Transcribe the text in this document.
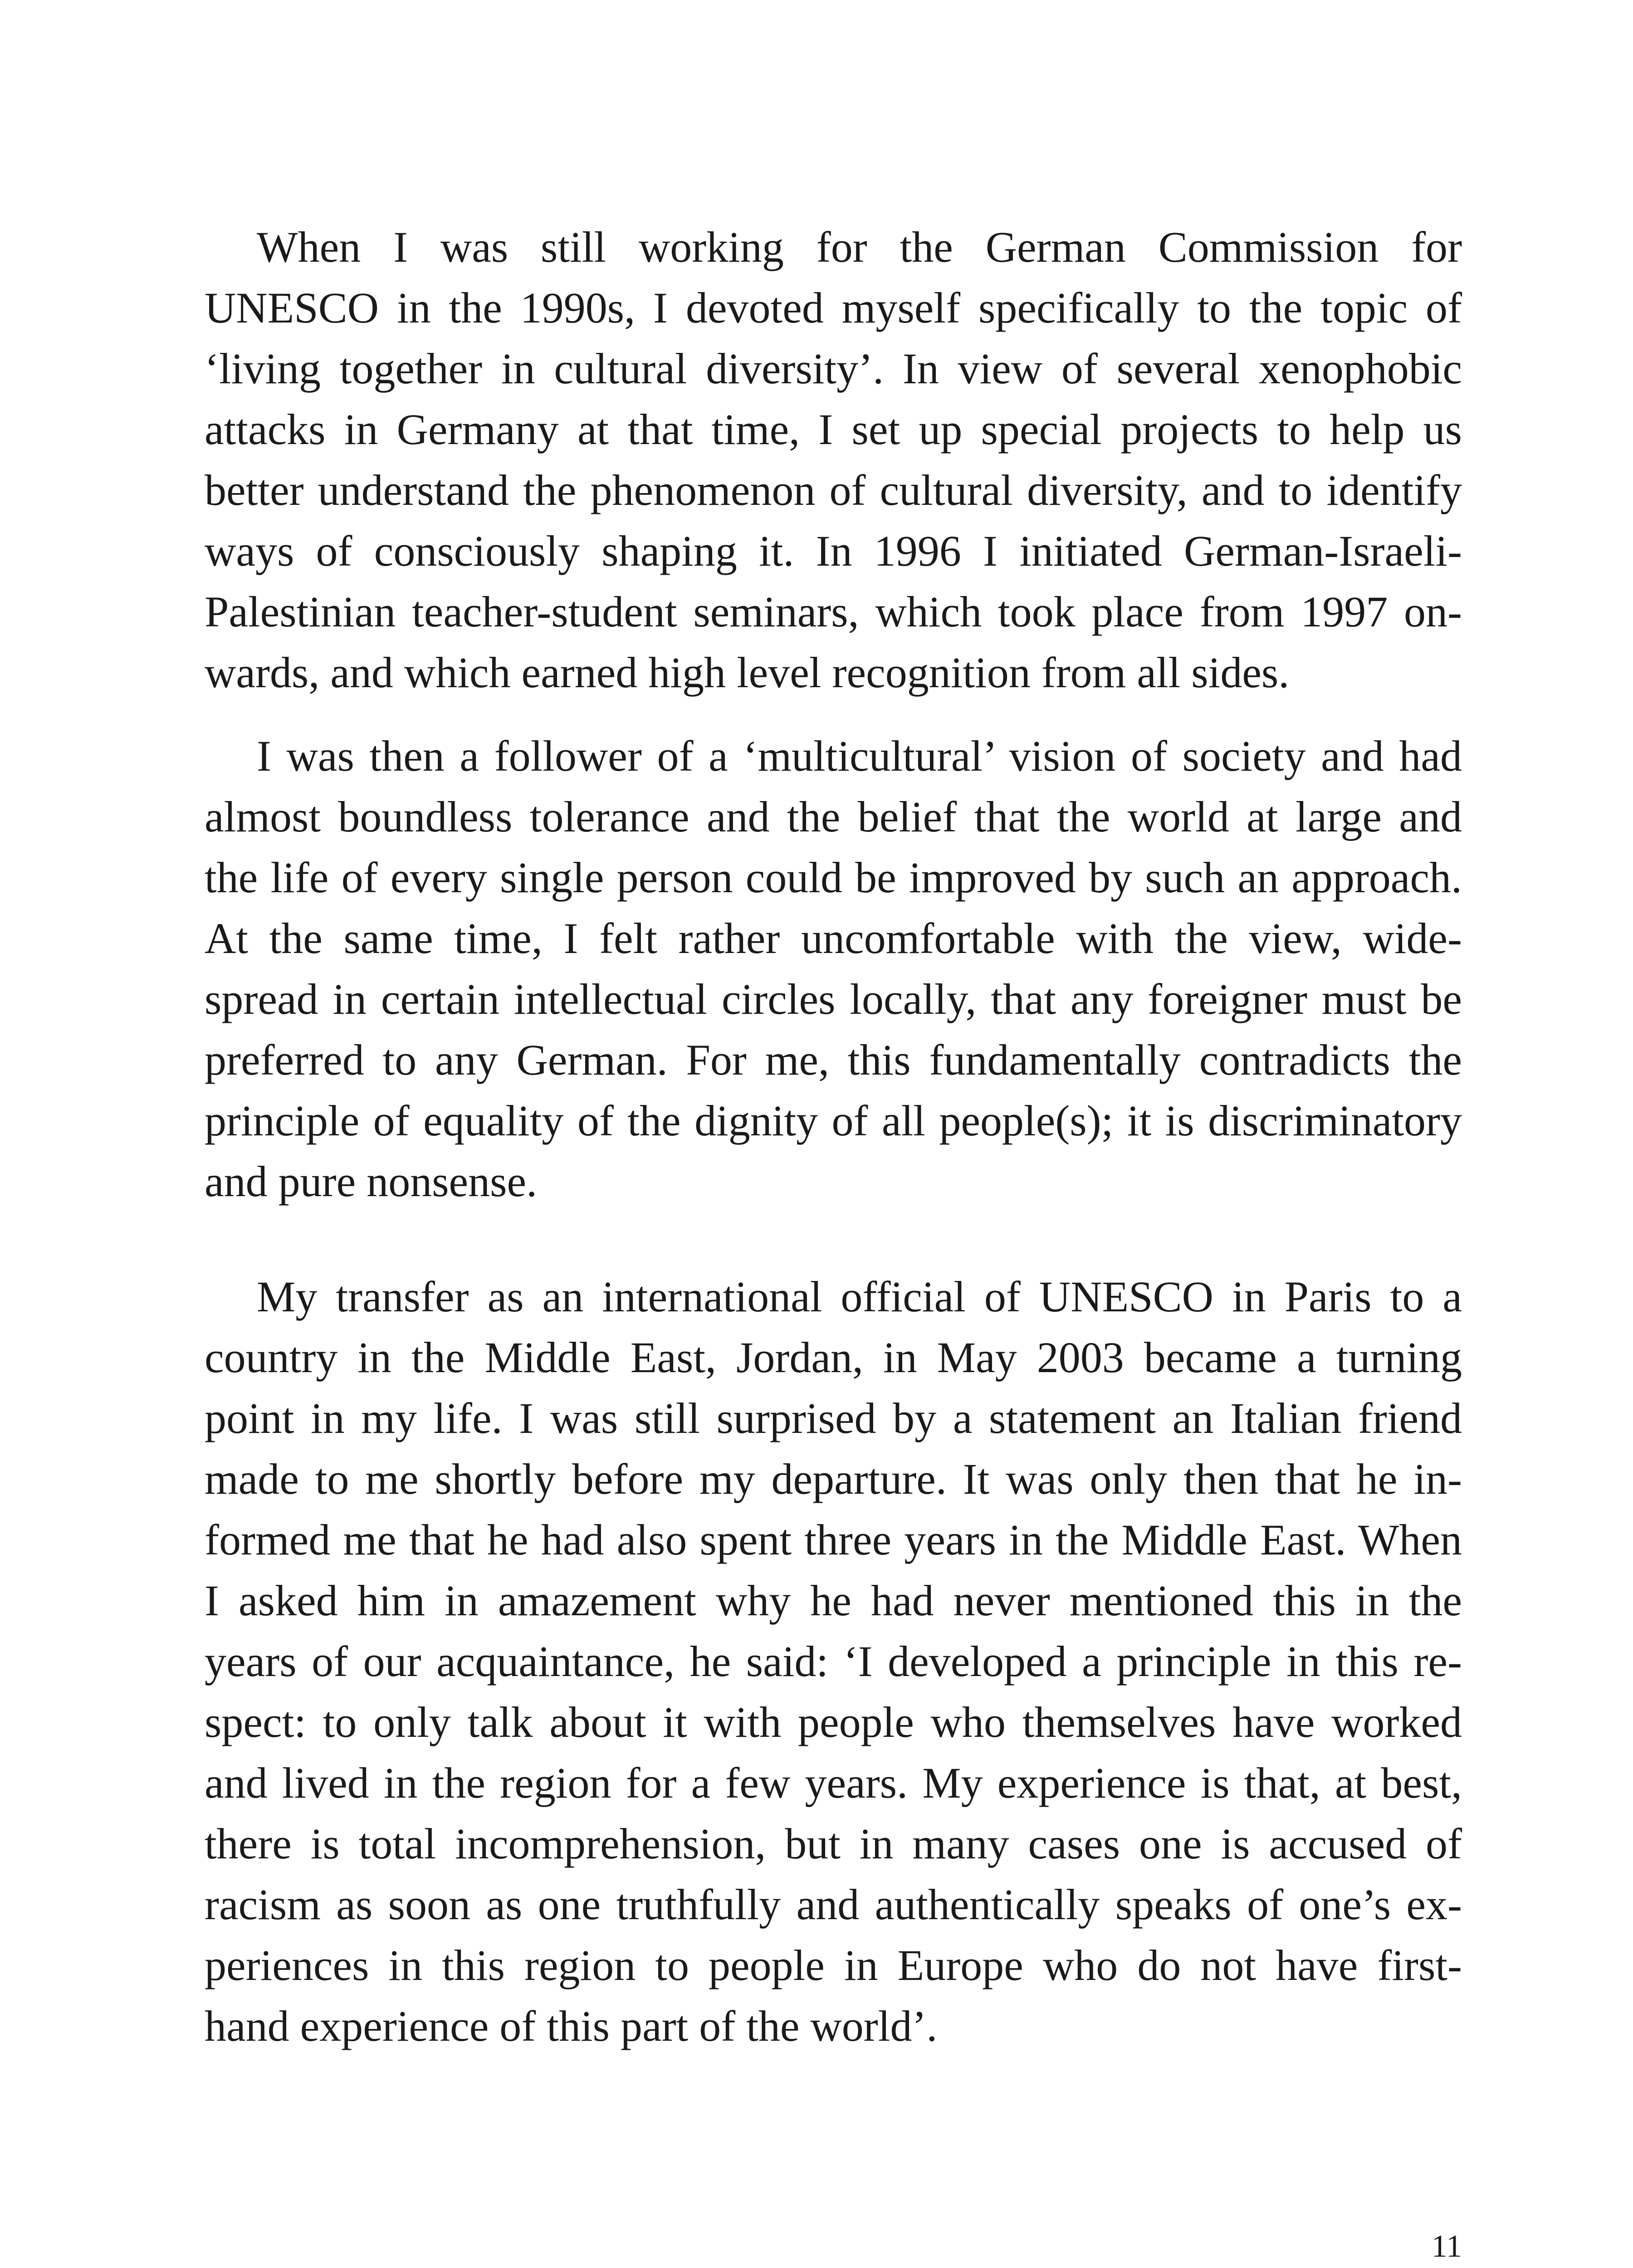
When I was still working for the German Commission for
UNESCO in the 1990s, I devoted myself specifically to the topic of
‘living together in cultural diversity’. In view of several xenophobic
attacks in Germany at that time, I set up special projects to help us
better understand the phenomenon of cultural diversity, and to identify
ways of consciously shaping it. In 1996 I initiated German-Israeli-
Palestinian teacher-student seminars, which took place from 1997 on-
wards, and which earned high level recognition from all sides.

I was then a follower of a ‘multicultural’ vision of society and had
almost boundless tolerance and the belief that the world at large and
the life of every single person could be improved by such an approach.
At the same time, I felt rather uncomfortable with the view, wide-
spread in certain intellectual circles locally, that any foreigner must be
preferred to any German. For me, this fundamentally contradicts the
principle of equality of the dignity of all people(s); it is discriminatory
and pure nonsense.

My transfer as an international official of UNESCO in Paris to a
country in the Middle East, Jordan, in May 2003 became a turning
point in my life. I was still surprised by a statement an Italian friend
made to me shortly before my departure. It was only then that he in-
formed me that he had also spent three years in the Middle East. When
I asked him in amazement why he had never mentioned this in the
years of our acquaintance, he said: ‘I developed a principle in this re-
spect: to only talk about it with people who themselves have worked
and lived in the region for a few years. My experience is that, at best,
there is total incomprehension, but in many cases one is accused of
racism as soon as one truthfully and authentically speaks of one’s ex-
periences in this region to people in Europe who do not have first-
hand experience of this part of the world’.

11
